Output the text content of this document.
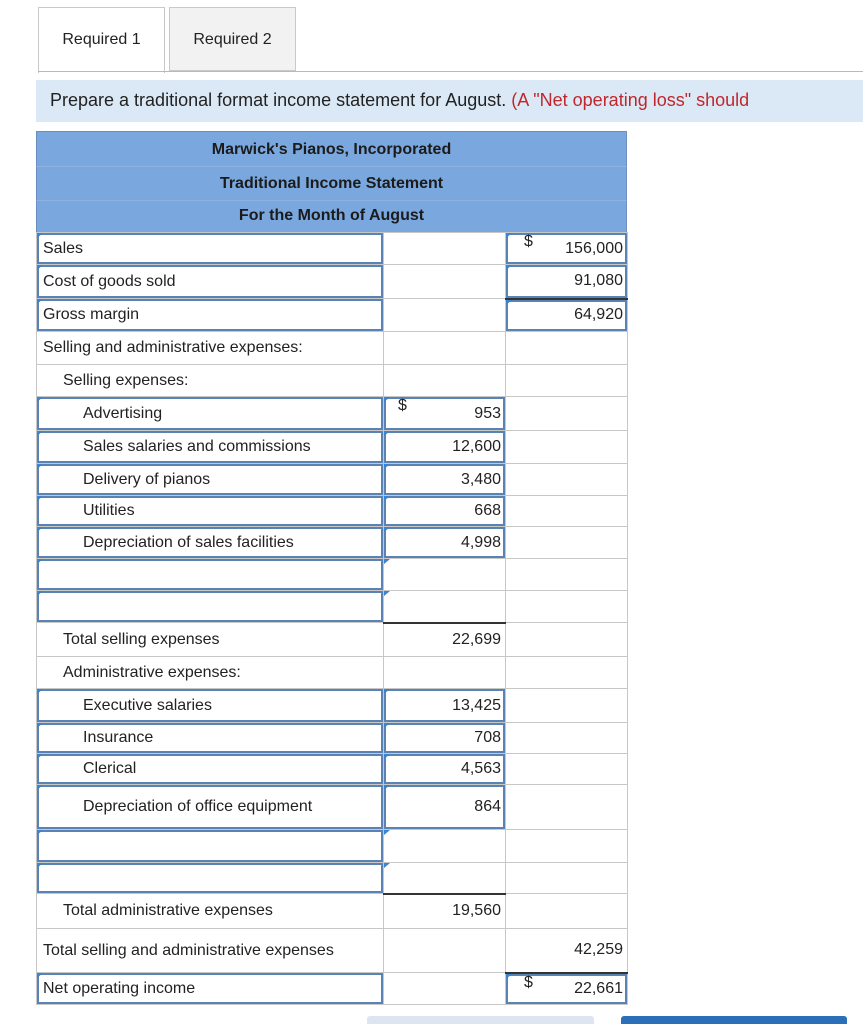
Required 1	Required 2
Prepare a traditional format income statement for August. (A "Net operating loss" should
Marwick's Pianos, Incorporated
Traditional Income Statement
For the Month of August
Sales		$ 156,000

Cost of goods sold		91,080

Gross margin		64,920
Selling and administrative expenses:		
Selling expenses:		

Advertising	$ 953	

Sales salaries and commissions	12,600	

Delivery of pianos	3,480	

Utilities	668	

Depreciation of sales facilities	4,998	

Total selling expenses	22,699	
Administrative expenses:		

Executive salaries	13,425	

Insurance	708	

Clerical	4,563	

Depreciation of office equipment	864	

Total administrative expenses	19,560	
Total selling and administrative expenses		42,259

Net operating income		$ 22,661
